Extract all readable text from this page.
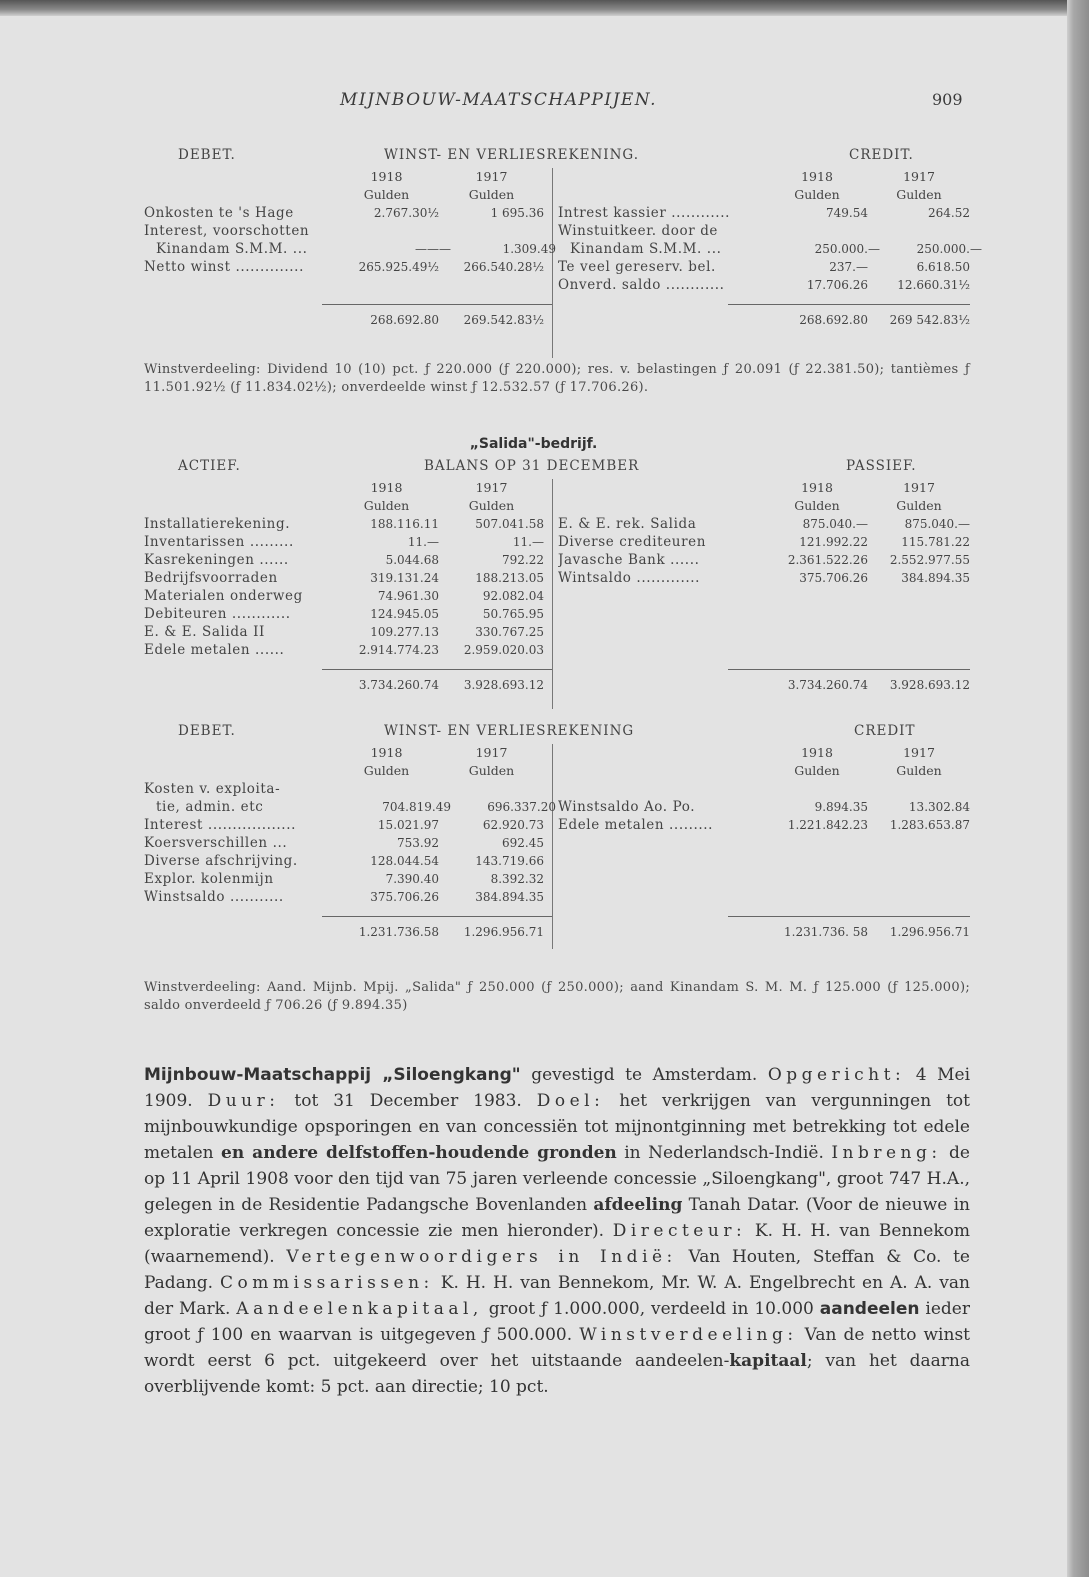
MIJNBOUW-MAATSCHAPPIJEN.	909
DEBET.	WINST- EN VERLIESREKENING.	CREDIT.
1918	1917
Gulden	Gulden
Onkosten te 's Hage	2.767.30½	1 695.36
Interest, voorschotten
Kinandam S.M.M. ...	———	1.309.49
Netto winst ..............	265.925.49½	266.540.28½
268.692.80	269.542.83½
1918	1917
Gulden	Gulden
Intrest kassier ............	749.54	264.52
Winstuitkeer. door de
Kinandam S.M.M. ...	250.000.—	250.000.—
Te veel gereserv. bel.	237.—	6.618.50
Onverd. saldo ............	17.706.26	12.660.31½
268.692.80	269 542.83½
Winstverdeeling: Dividend 10 (10) pct. ƒ 220.000 (ƒ 220.000); res. v. belastingen ƒ 20.091 (ƒ 22.381.50); tantièmes ƒ 11.501.92½ (ƒ 11.834.02½); onverdeelde winst ƒ 12.532.57 (ƒ 17.706.26).
„Salida"-bedrijf.
ACTIEF.	BALANS OP 31 DECEMBER	PASSIEF.
1918	1917
Gulden	Gulden
Installatierekening.	188.116.11	507.041.58
Inventarissen .........	11.—	11.—
Kasrekeningen ......	5.044.68	792.22
Bedrijfsvoorraden	319.131.24	188.213.05
Materialen onderweg	74.961.30	92.082.04
Debiteuren ............	124.945.05	50.765.95
E. & E. Salida II	109.277.13	330.767.25
Edele metalen ......	2.914.774.23	2.959.020.03
3.734.260.74	3.928.693.12
1918	1917
Gulden	Gulden
E. & E. rek. Salida	875.040.—	875.040.—
Diverse crediteuren	121.992.22	115.781.22
Javasche Bank ......	2.361.522.26	2.552.977.55
Wintsaldo .............	375.706.26	384.894.35
3.734.260.74	3.928.693.12
DEBET.	WINST- EN VERLIESREKENING	CREDIT
1918	1917
Gulden	Gulden
Kosten v. exploita-
tie, admin. etc	704.819.49	696.337.20
Interest ..................	15.021.97	62.920.73
Koersverschillen ...	753.92	692.45
Diverse afschrijving.	128.044.54	143.719.66
Explor. kolenmijn	7.390.40	8.392.32
Winstsaldo ...........	375.706.26	384.894.35
1.231.736.58	1.296.956.71
1918	1917
Gulden	Gulden
Winstsaldo Ao. Po.	9.894.35	13.302.84
Edele metalen .........	1.221.842.23	1.283.653.87
1.231.736. 58	1.296.956.71
Winstverdeeling: Aand. Mijnb. Mpij. „Salida" ƒ 250.000 (ƒ 250.000); aand Kinandam S. M. M. ƒ 125.000 (ƒ 125.000); saldo onverdeeld ƒ 706.26 (ƒ 9.894.35)
Mijnbouw-Maatschappij „Siloengkang" gevestigd te Amsterdam. Opgericht: 4 Mei 1909. Duur: tot 31 December 1983. Doel: het verkrijgen van vergunningen tot mijnbouwkundige opsporingen en van concessiën tot mijnontginning met betrekking tot edele metalen en andere delfstoffen-houdende gronden in Nederlandsch-Indië. Inbreng: de op 11 April 1908 voor den tijd van 75 jaren verleende concessie „Siloengkang", groot 747 H.A., gelegen in de Residentie Padangsche Bovenlanden afdeeling Tanah Datar. (Voor de nieuwe in exploratie verkregen concessie zie men hieronder). Directeur: K. H. H. van Bennekom (waarnemend). Vertegenwoordigers in Indië: Van Houten, Steffan & Co. te Padang. Commissarissen: K. H. H. van Bennekom, Mr. W. A. Engelbrecht en A. A. van der Mark. Aandeelenkapitaal, groot ƒ 1.000.000, verdeeld in 10.000 aandeelen ieder groot ƒ 100 en waarvan is uitgegeven ƒ 500.000. Winstverdeeling: Van de netto winst wordt eerst 6 pct. uitgekeerd over het uitstaande aandeelen-kapitaal; van het daarna overblijvende komt: 5 pct. aan directie; 10 pct.
